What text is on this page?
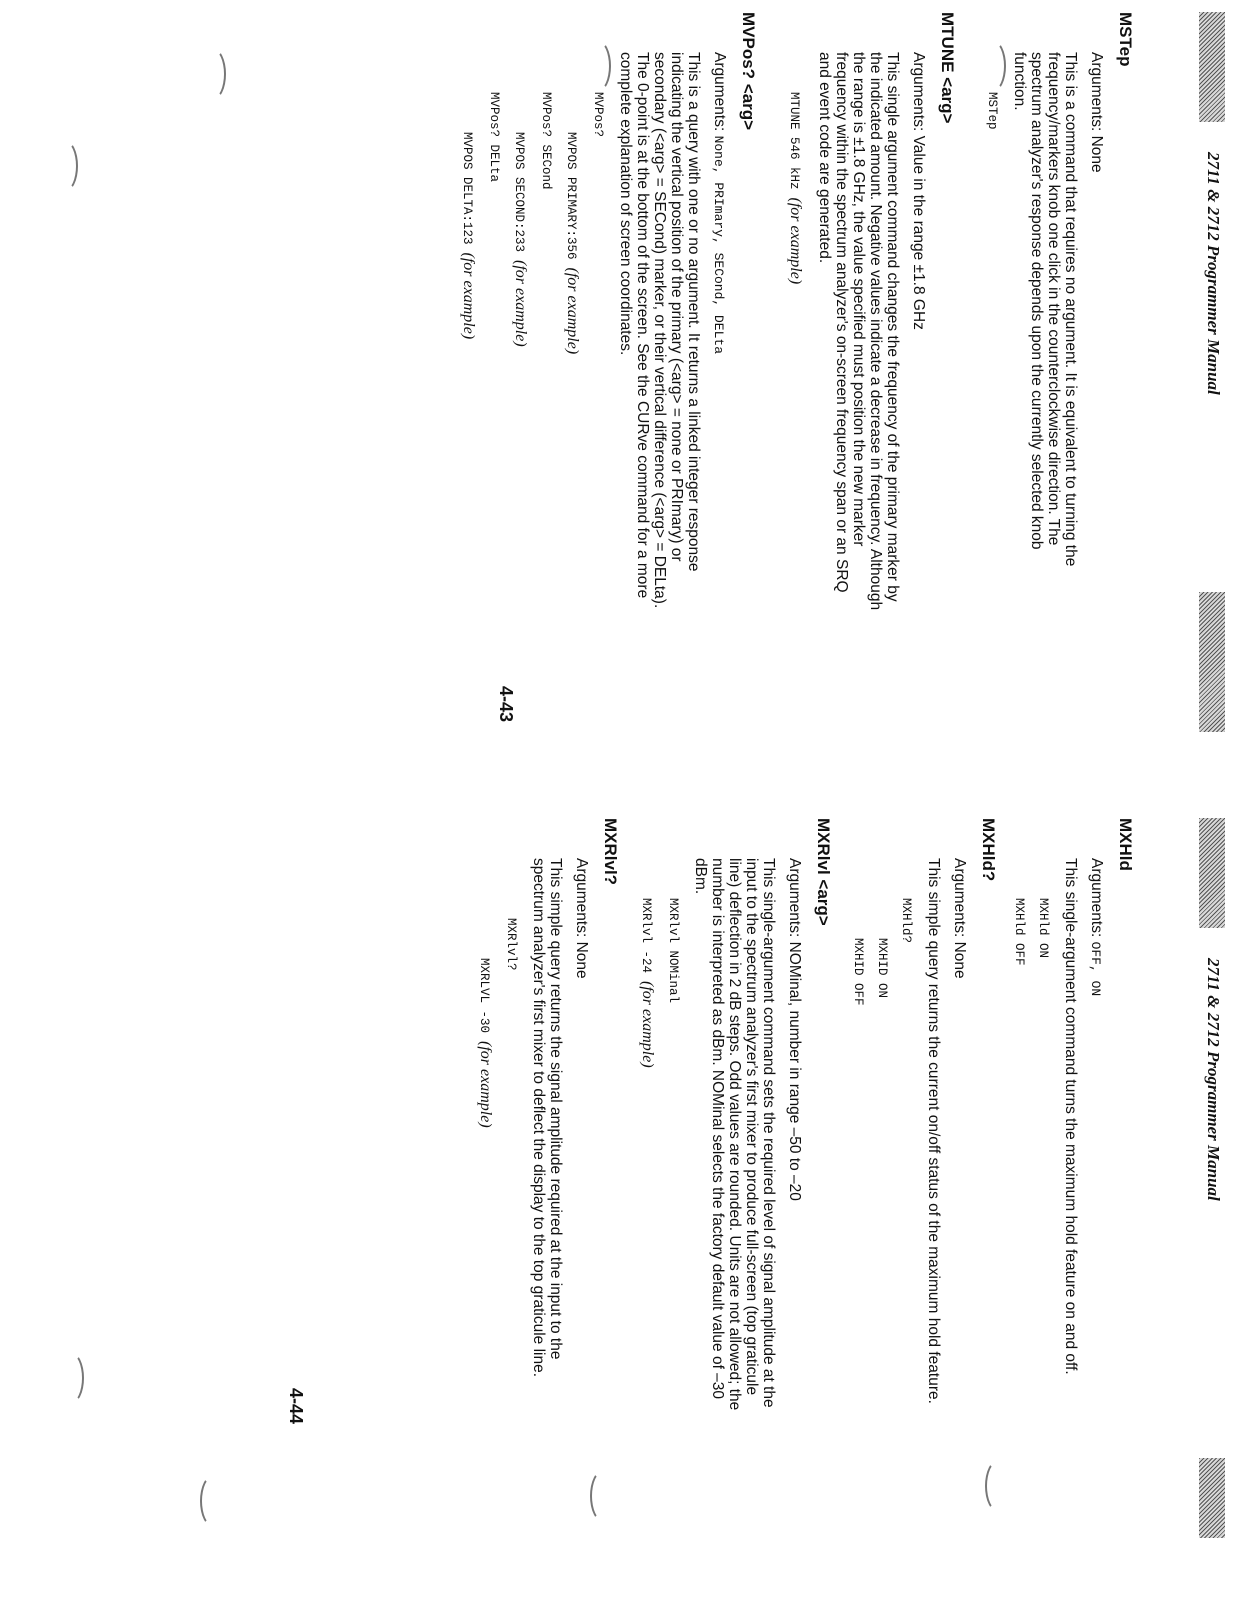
2711 & 2712 Programmer Manual
MSTep
Arguments: None
This is a command that requires no argument. It is equivalent to turning the frequency/markers knob one click in the counterclockwise direction. The spectrum analyzer's response depends upon the currently selected knob function.
MSTep
MTUNE <arg>
Arguments: Value in the range ±1.8 GHz
This single argument command changes the frequency of the primary marker by the indicated amount. Negative values indicate a decrease in frequency. Although the range is ±1.8 GHz, the value specified must position the new marker frequency within the spectrum analyzer's on-screen frequency span or an SRQ and event code are generated.
MTUNE 546 kHz(for example)
MVPos? <arg>
Arguments: None, PRImary, SECond, DELta
This is a query with one or no argument. It returns a linked integer response indicating the vertical position of the primary (<arg> = none or PRImary) or secondary (<arg> = SECond) marker, or their vertical difference (<arg> = DELta). The 0-point is at the bottom of the screen. See the CURve command for a more complete explanation of screen coordinates.
MVPos?
MVPOS PRIMARY:356(for example)
MVPos? SECond
MVPOS SECOND:233(for example)
MVPos? DELta
MVPOS DELTA:123(for example)
4-43
2711 & 2712 Programmer Manual
MXHld
Arguments: OFF, ON
This single-argument command turns the maximum hold feature on and off.
MXHld ON
MXHld OFF
MXHld?
Arguments: None
This simple query returns the current on/off status of the maximum hold feature.
MXHld?
MXHID ON
MXHID OFF
MXRlvl <arg>
Arguments: NOMinal, number in range –50 to –20
This single-argument command sets the required level of signal amplitude at the input to the spectrum analyzer's first mixer to produce full-screen (top graticule line) deflection in 2 dB steps. Odd values are rounded. Units are not allowed; the number is interpreted as dBm. NOMinal selects the factory default value of –30 dBm.
MXRlvl NOMinal
MXRlvl -24(for example)
MXRlvl?
Arguments: None
This simple query returns the signal amplitude required at the input to the spectrum analyzer's first mixer to deflect the display to the top graticule line.
MXRlvl?
MXRLVL -30(for example)
4-44
